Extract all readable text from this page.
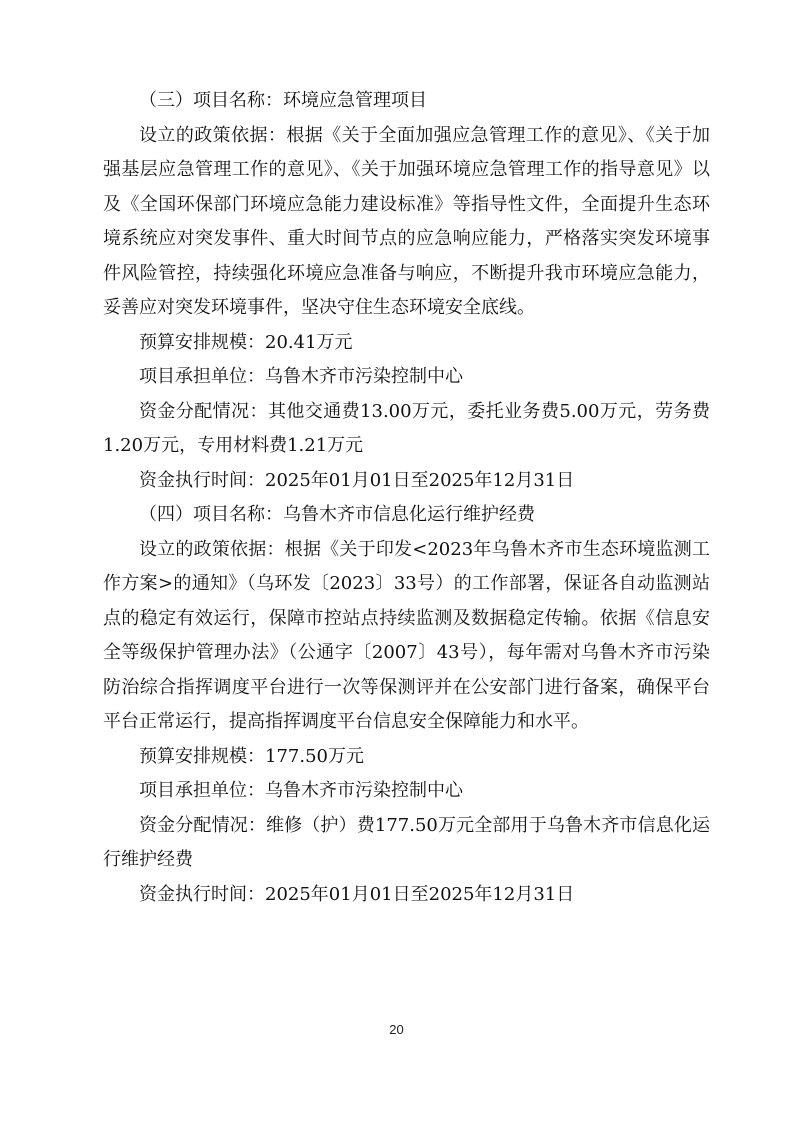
（三）项目名称：环境应急管理项目

设立的政策依据：根据《关于全面加强应急管理工作的意见》、《关于加强基层应急管理工作的意见》、《关于加强环境应急管理工作的指导意见》以及《全国环保部门环境应急能力建设标准》等指导性文件，全面提升生态环境系统应对突发事件、重大时间节点的应急响应能力，严格落实突发环境事件风险管控，持续强化环境应急准备与响应，不断提升我市环境应急能力，妥善应对突发环境事件，坚决守住生态环境安全底线。

预算安排规模：20.41万元
项目承担单位：乌鲁木齐市污染控制中心

资金分配情况：其他交通费13.00万元，委托业务费5.00万元，劳务费1.20万元，专用材料费1.21万元

资金执行时间：2025年01月01日至2025年12月31日
（四）项目名称：乌鲁木齐市信息化运行维护经费

设立的政策依据：根据《关于印发<2023年乌鲁木齐市生态环境监测工作方案>的通知》（乌环发〔2023〕33号）的工作部署，保证各自动监测站点的稳定有效运行，保障市控站点持续监测及数据稳定传输。依据《信息安全等级保护管理办法》（公通字〔2007〕43号），每年需对乌鲁木齐市污染防治综合指挥调度平台进行一次等保测评并在公安部门进行备案，确保平台平台正常运行，提高指挥调度平台信息安全保障能力和水平。

预算安排规模：177.50万元
项目承担单位：乌鲁木齐市污染控制中心

资金分配情况：维修（护）费177.50万元全部用于乌鲁木齐市信息化运行维护经费

资金执行时间：2025年01月01日至2025年12月31日
20
